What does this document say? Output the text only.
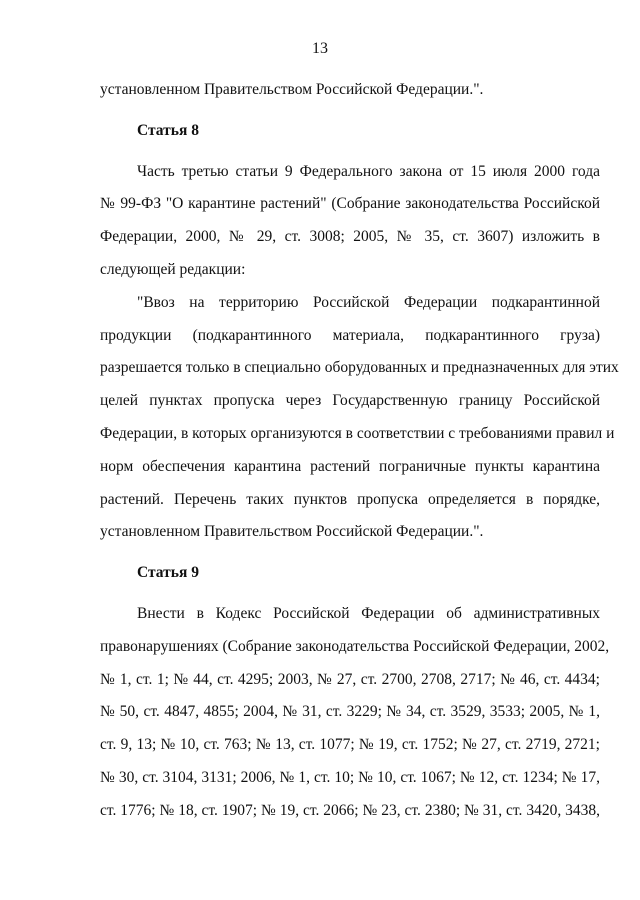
13
установленном Правительством Российской Федерации.".
Статья 8
Часть третью статьи 9 Федерального закона от 15 июля 2000 года
№ 99-ФЗ "О карантине растений" (Собрание законодательства Российской
Федерации, 2000, № 29, ст. 3008; 2005, № 35, ст. 3607) изложить в
следующей редакции:
"Ввоз на территорию Российской Федерации подкарантинной
продукции (подкарантинного материала, подкарантинного груза)
разрешается только в специально оборудованных и предназначенных для этих
целей пунктах пропуска через Государственную границу Российской
Федерации, в которых организуются в соответствии с требованиями правил и
норм обеспечения карантина растений пограничные пункты карантина
растений. Перечень таких пунктов пропуска определяется в порядке,
установленном Правительством Российской Федерации.".
Статья 9
Внести в Кодекс Российской Федерации об административных
правонарушениях (Собрание законодательства Российской Федерации, 2002,
№ 1, ст. 1; № 44, ст. 4295; 2003, № 27, ст. 2700, 2708, 2717; № 46, ст. 4434;
№ 50, ст. 4847, 4855; 2004, № 31, ст. 3229; № 34, ст. 3529, 3533; 2005, № 1,
ст. 9, 13; № 10, ст. 763; № 13, ст. 1077; № 19, ст. 1752; № 27, ст. 2719, 2721;
№ 30, ст. 3104, 3131; 2006, № 1, ст. 10; № 10, ст. 1067; № 12, ст. 1234; № 17,
ст. 1776; № 18, ст. 1907; № 19, ст. 2066; № 23, ст. 2380; № 31, ст. 3420, 3438,
